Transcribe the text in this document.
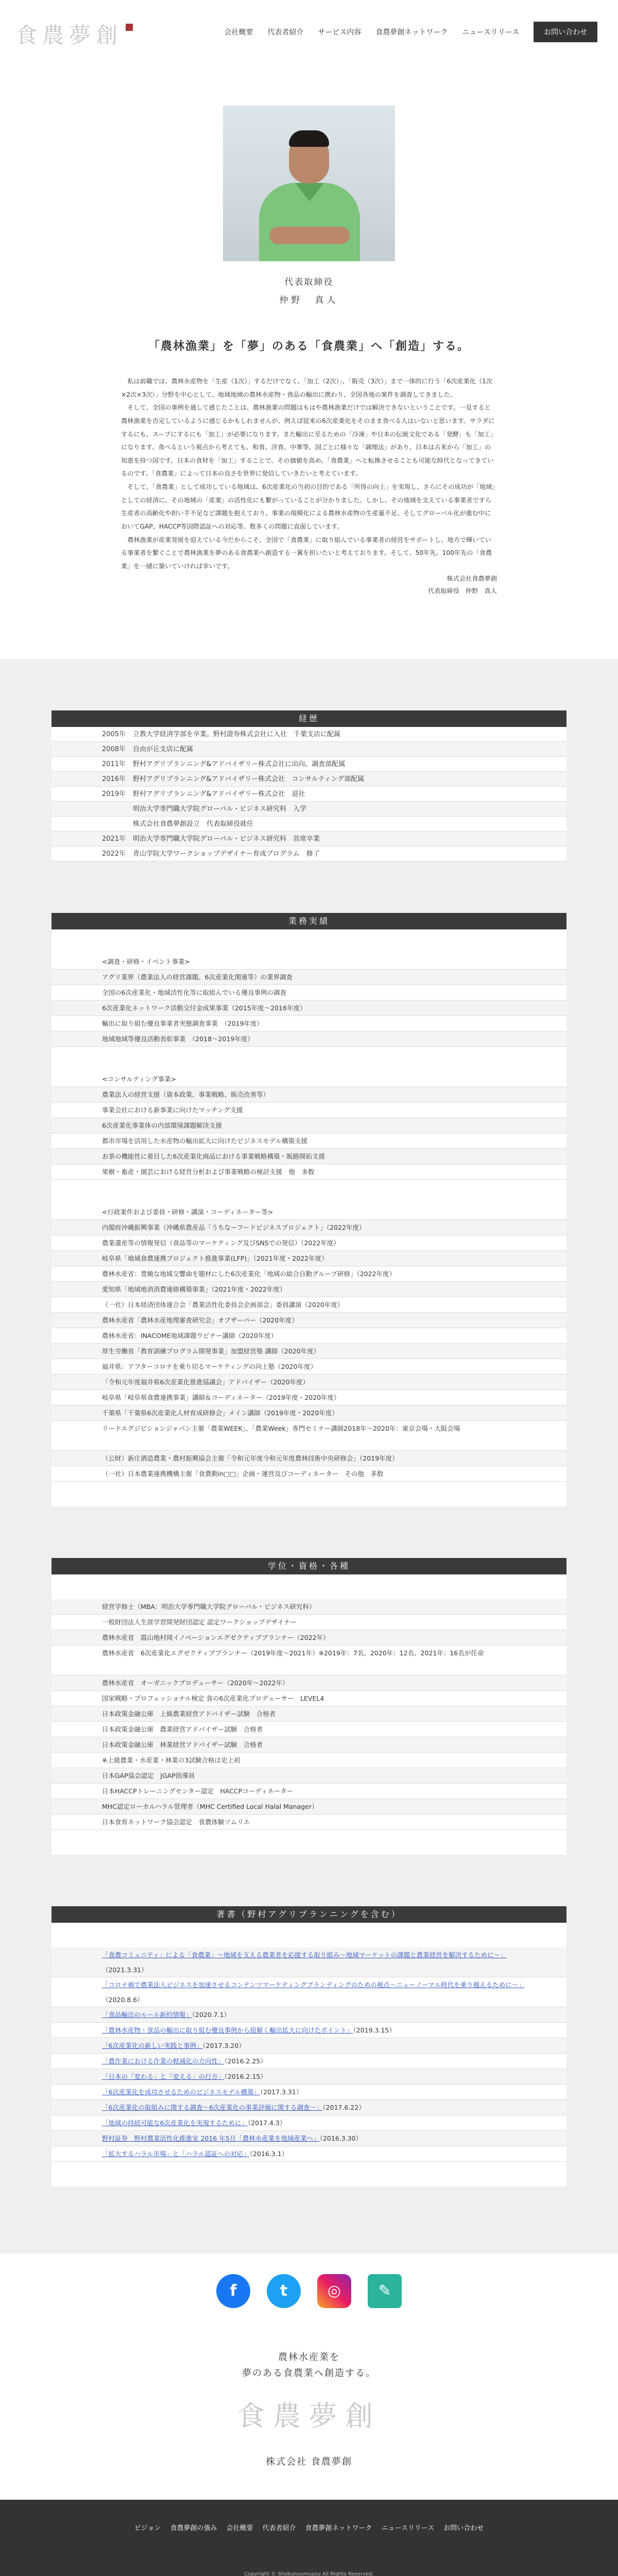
食農夢創	会社概要 代表者紹介 サービス内容 食農夢創ネットワーク ニュースリリース	お問い合わせ
代表取締役
仲野　真人
「農林漁業」を「夢」のある「食農業」へ「創造」する。

私は前職では、農林水産物を「生産（1次）」するだけでなく、「加工（2次）」、「販売（3次）」まで一体的に行う「6次産業化（1次×2次×3次）」分野を中心として、地域地域の農林水産物・食品の輸出に携わり、全国各地の案件を調査してきました。

そして、全国の事例を通して感じたことは、農林漁業の問題はもはや農林漁業だけでは解決できないということです。一見すると農林漁業を否定しているように感じるかもしれませんが、例えば従来の6次産業化をそのまま食べる人はいないと思います。サラダにするにも、スープにするにも「加工」が必要になります。また輸出に至るための「冷凍」や日本の伝統文化である「発酵」も「加工」になります。食べるという視点から考えても、和食、洋食、中華等、国ごとに様々な「調理法」があり、日本は古来から「加工」の知恵を持つ国です。日本の食材を「加工」することで、その価値を高め、「食農業」へと転換させることも可能な時代となってきているのです。「食農業」によって日本の良さを世界に発信していきたいと考えています。

そして、「食農業」として成功している地域は、6次産業化の当初の目的である「所得の向上」を実現し、さらにその成功が「地域」としての経済に、その地域の「産業」の活性化にも繋がっていることが分かりました。しかし、その地域を支えている事業者ですら生産者の高齢化や担い手不足など課題を抱えており、事業の規模化による農林水産物の生産量不足、そしてグローバル化が進む中においてGAP、HACCP等国際認証への対応等、数多くの問題に直面しています。

農林漁業が産業発展を迎えている今だからこそ、全国で「食農業」に取り組んでいる事業者の経営をサポートし、地方で輝いている事業者を繋ぐことで農林漁業を夢のある食農業へ創造する一翼を担いたいと考えております。そして、50年先、100年先の「食農業」を一緒に築いていければ幸いです。

株式会社食農夢創
代表取締役　仲野　真人
経歴
2005年	立教大学経済学部を卒業。野村證券株式会社に入社　千葉支店に配属
2008年	自由が丘支店に配属
2011年	野村アグリプランニング&アドバイザリー株式会社に出向。調査部配属
2016年	野村アグリプランニング&アドバイザリー株式会社　コンサルティング部配属
2019年	野村アグリプランニング&アドバイザリー株式会社　退社
明治大学専門職大学院グローバル・ビジネス研究科　入学
株式会社食農夢創設立　代表取締役就任
2021年	明治大学専門職大学院グローバル・ビジネス研究科　首席卒業
2022年	青山学院大学ワークショップデザイナー育成プログラム　修了
業務実績
<調査・研修・イベント事業>
アグリ業界（農業法人の経営課題、6次産業化関連等）の業界調査
全国の6次産業化・地域活性化等に取組んでいる優良事例の調査
6次産業化ネットワーク活動交付金成果事業（2015年度〜2016年度）
輸出に取り組む優良事業者実態調査事業　（2019年度）
地域地域等優良活動表彰事業　（2018〜2019年度）
<コンサルティング事業>
農業法人の経営支援（資本政策、事業戦略、販売改善等）
事業会社における新事業に向けたマッチング支援
6次産業化事業体の内部環境課題解決支援
都市市場を活用した水産物の輸出拡大に向けたビジネスモデル構築支援
お茶の機能性に着目した6次産業化商品における事業戦略構築・販路開拓支援
果樹・畜産・園芸における経営分析および事業戦略の検討支援　他　多数
<行政案件および委員・研修・講演・コーディネーター等>
内閣府沖縄振興事業（沖縄県農産品「うちなーフードビジネスプロジェクト」（2022年度）
農業遺産等の情報発信（食品等のマーケティング及びSNSでの発信）（2022年度）
岐阜県「地域食農連携プロジェクト推進事業(LFP)」（2021年度・2022年度）
農林水産省：豊饒な地域交響曲を題材にした6次産業化「地域の総合自動グループ研修」（2022年度）
愛知県「地域地消消費連絡構築事業」（2021年度・2022年度）
（一社）日本経済団体連合会「農業活性化委員会企画部会」委員講演（2020年度）
農林水産省「農林水産地理審査研究会」オブザーバー（2020年度）
農林水産省：INACOME地域課題ウビナー講師（2020年度）
厚生労働省「教育訓練プログラム開発事業」加盟経営塾 講師（2020年度）
福井県：アフターコロナを乗り切るマーケティングの向上塾（2020年度）
「令和元年度福井県6次産業化推進協議会」アドバイザー（2020年度）
岐阜県「岐阜県食農連携事業」講師＆コーディネーター（2019年度・2020年度）
千葉県「千葉県6次産業化人材育成研修会」メイン講師（2019年度・2020年度）
リードエグジビションジャパン主催「農業WEEK」、「農業Week」専門セミナー講師2018年〜2020年：東京会場・大阪会場
（公財）新庄酒造農業・農村振興協会主催「令和元年度今和元年度農林技術中央研修会」（2019年度）
（一社）日本農業連携機構主催「食農動in□□」企画・運営及びコーディネーター　その他　多数
学位・資格・各種
経営学修士（MBA：明治大学専門職大学院グローバル・ビジネス研究科）
一般財団法人生涯学習開発財団認定 認定ワークショップデザイナー
農林水産省　霞山地村岡イノベーションエグゼクティブプランナー（2022年）
農林水産省　6次産業化エグゼクティブプランナー（2019年度〜2021年）※2019年：7名、2020年：12名、2021年：16名が任命
農林水産省　オーガニックプロデューサー（2020年〜2022年）
国家戦略・プロフェッショナル検定 食の6次産業化プロデューサー　LEVEL4
日本政策金融公庫　上級農業経営アドバイザー試験　合格者
日本政策金融公庫　農業経営アドバイザー試験　合格者
日本政策金融公庫　林業経営アドバイザー試験　合格者
※上級農業・水産業・林業の3試験合格は史上初
日本GAP協会認定　JGAP指導員
日本HACCPトレーニングセンター認定　HACCPコーディネーター
MHC認定ローカルハラル管理者（MHC Certified Local Halal Manager）
日本食育ネットワーク協会認定　食農体験ソムリエ
著書（野村アグリプランニングを含む）
「食農コミュニティ」による「食農業」〜地域を支える農業者を応援する取り組み〜地域マーケットの課題と農業経営を解決するために〜」（2021.3.31）
「コロナ禍で農業法人ビジネスを加速させるコンテンツマーケティングブランディングのための視点〜ニューノーマル時代を乗り越えるために〜」（2020.8.6）
「食品輸出のルール新約情報」（2020.7.1）
「農林水産物・食品の輸出に取り組む優良事例から紐解く輸出拡大に向けたポイント」（2019.3.15）
「6次産業化の新しい実践と事例」（2017.3.20）
「農作業における作業の軽減化の方向性」（2016.2.25）
「日本の「変わる」と「変える」の行方」（2016.2.15）
「6次産業化を成功させるためのビジネスモデル構築」（2017.3.31）
「6次産業化の取組みに関する調査〜6次産業化の事業評価に関する調査〜」（2017.6.22）
「地域の持続可能な6次産業化を実現するために」（2017.4.3）
野村証券　野村農業活性化推進室 2016 年5月「農林水産業を地域産業へ」（2016.3.30）
「拡大するハラル市場」と「ハラル認証への対応」（2016.3.1）
f	t	◎	✎
農林水産業を
夢のある食農業へ創造する。
食農夢創
株式会社 食農夢創
ビジョン 食農夢創の強み 会社概要 代表者紹介 食農夢創ネットワーク ニュースリリース お問い合わせ
Copyright © Shokunoumusou All Rights Reserved.
